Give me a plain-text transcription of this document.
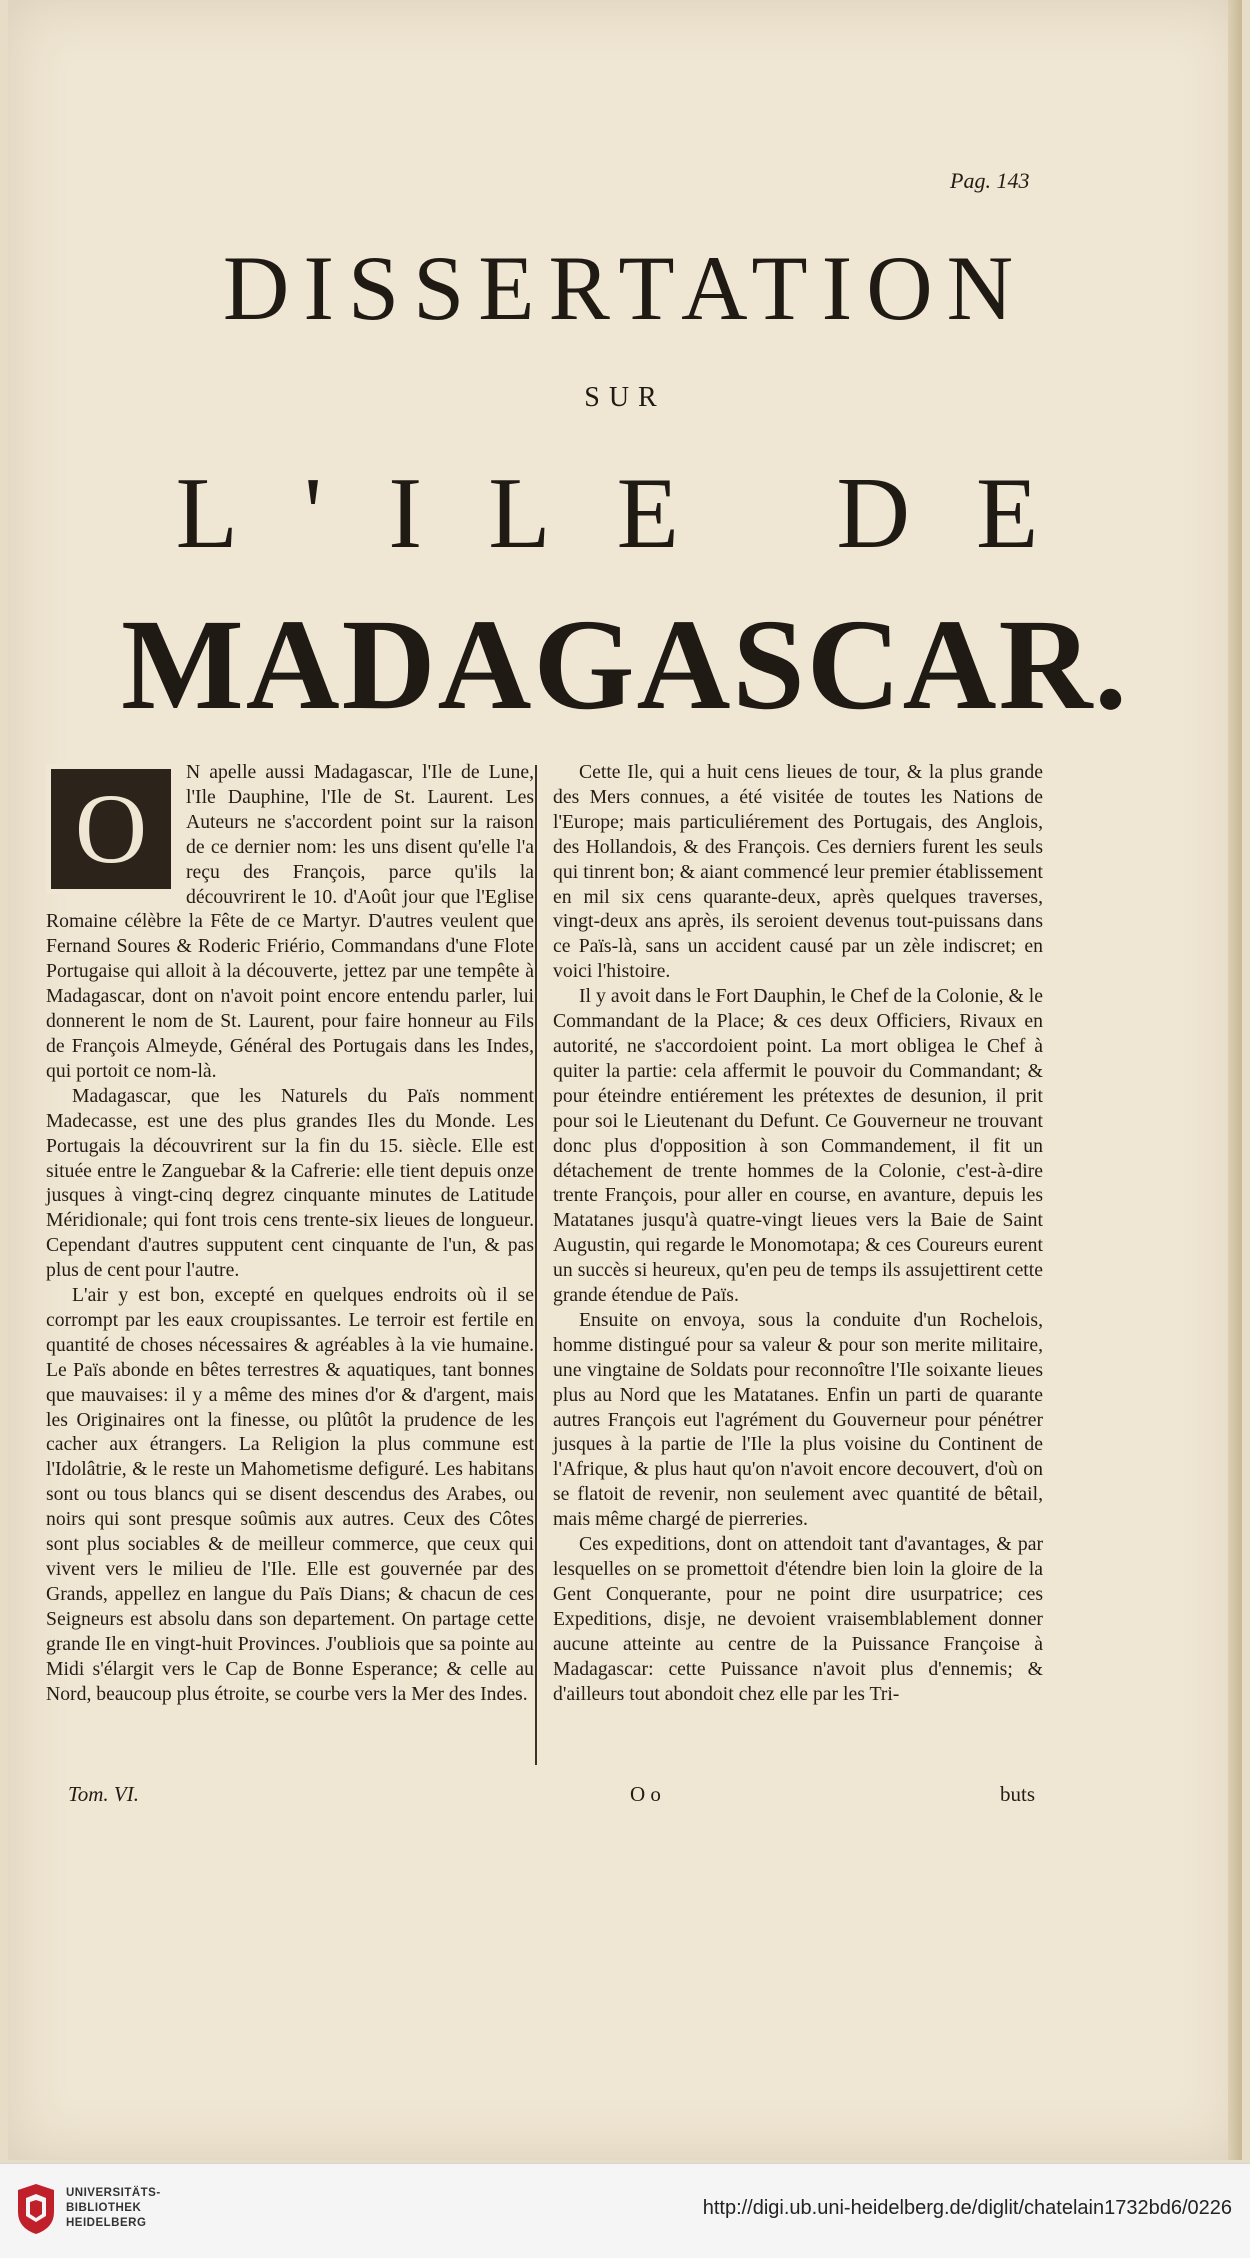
Pag. 143
DISSERTATION
SUR
L'ILE DE
MADAGASCAR.

O
N apelle aussi Madagascar, l'Ile de Lune, l'Ile Dauphine, l'Ile de St. Laurent. Les Auteurs ne s'accordent point sur la raison de ce dernier nom: les uns disent qu'elle l'a reçu des François, parce qu'ils la découvrirent le 10. d'Août jour que l'Eglise Romaine célèbre la Fête de ce Martyr. D'autres veulent que Fernand Soures & Roderic Friério, Commandans d'une Flote Portugaise qui alloit à la découverte, jettez par une tempête à Madagascar, dont on n'avoit point encore entendu parler, lui donnerent le nom de St. Laurent, pour faire honneur au Fils de François Almeyde, Général des Portugais dans les Indes, qui portoit ce nom-là.

Madagascar, que les Naturels du Païs nomment Madecasse, est une des plus grandes Iles du Monde. Les Portugais la découvrirent sur la fin du 15. siècle. Elle est située entre le Zanguebar & la Cafrerie: elle tient depuis onze jusques à vingt-cinq degrez cinquante minutes de Latitude Méridionale; qui font trois cens trente-six lieues de longueur. Cependant d'autres supputent cent cinquante de l'un, & pas plus de cent pour l'autre.

L'air y est bon, excepté en quelques endroits où il se corrompt par les eaux croupissantes. Le terroir est fertile en quantité de choses nécessaires & agréables à la vie humaine. Le Païs abonde en bêtes terrestres & aquatiques, tant bonnes que mauvaises: il y a même des mines d'or & d'argent, mais les Originaires ont la finesse, ou plûtôt la prudence de les cacher aux étrangers. La Religion la plus commune est l'Idolâtrie, & le reste un Mahometisme defiguré. Les habitans sont ou tous blancs qui se disent descendus des Arabes, ou noirs qui sont presque soûmis aux autres. Ceux des Côtes sont plus sociables & de meilleur commerce, que ceux qui vivent vers le milieu de l'Ile. Elle est gouvernée par des Grands, appellez en langue du Païs Dians; & chacun de ces Seigneurs est absolu dans son departement. On partage cette grande Ile en vingt-huit Provinces. J'oubliois que sa pointe au Midi s'élargit vers le Cap de Bonne Esperance; & celle au Nord, beaucoup plus étroite, se courbe vers la Mer des Indes.

Cette Ile, qui a huit cens lieues de tour, & la plus grande des Mers connues, a été visitée de toutes les Nations de l'Europe; mais particuliérement des Portugais, des Anglois, des Hollandois, & des François. Ces derniers furent les seuls qui tinrent bon; & aiant commencé leur premier établissement en mil six cens quarante-deux, après quelques traverses, vingt-deux ans après, ils seroient devenus tout-puissans dans ce Païs-là, sans un accident causé par un zèle indiscret; en voici l'histoire.

Il y avoit dans le Fort Dauphin, le Chef de la Colonie, & le Commandant de la Place; & ces deux Officiers, Rivaux en autorité, ne s'accordoient point. La mort obligea le Chef à quiter la partie: cela affermit le pouvoir du Commandant; & pour éteindre entiérement les prétextes de desunion, il prit pour soi le Lieutenant du Defunt. Ce Gouverneur ne trouvant donc plus d'opposition à son Commandement, il fit un détachement de trente hommes de la Colonie, c'est-à-dire trente François, pour aller en course, en avanture, depuis les Matatanes jusqu'à quatre-vingt lieues vers la Baie de Saint Augustin, qui regarde le Monomotapa; & ces Coureurs eurent un succès si heureux, qu'en peu de temps ils assujettirent cette grande étendue de Païs.

Ensuite on envoya, sous la conduite d'un Rochelois, homme distingué pour sa valeur & pour son merite militaire, une vingtaine de Soldats pour reconnoître l'Ile soixante lieues plus au Nord que les Matatanes. Enfin un parti de quarante autres François eut l'agrément du Gouverneur pour pénétrer jusques à la partie de l'Ile la plus voisine du Continent de l'Afrique, & plus haut qu'on n'avoit encore decouvert, d'où on se flatoit de revenir, non seulement avec quantité de bêtail, mais même chargé de pierreries.

Ces expeditions, dont on attendoit tant d'avantages, & par lesquelles on se promettoit d'étendre bien loin la gloire de la Gent Conquerante, pour ne point dire usurpatrice; ces Expeditions, disje, ne devoient vraisemblablement donner aucune atteinte au centre de la Puissance Françoise à Madagascar: cette Puissance n'avoit plus d'ennemis; & d'ailleurs tout abondoit chez elle par les Tri-

Tom. VI.	O o	buts
UNIVERSITÄTS-
BIBLIOTHEK
HEIDELBERG
http://digi.ub.uni-heidelberg.de/diglit/chatelain1732bd6/0226
